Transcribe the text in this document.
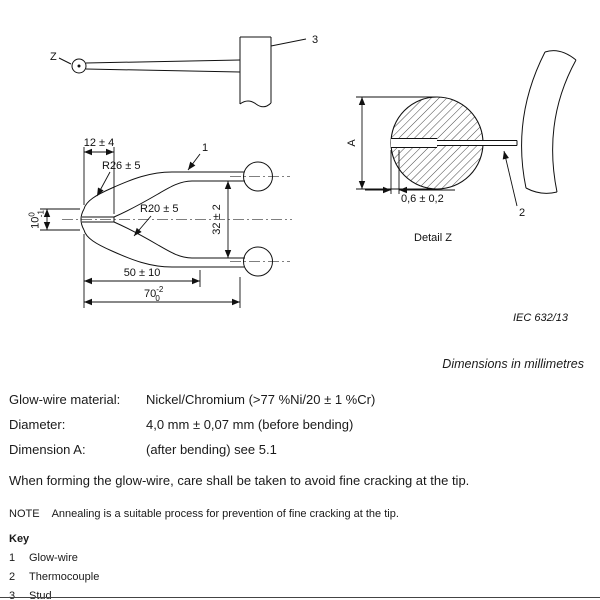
Z
3
12 ± 4
R26 ± 5
R20 ± 5
1
32 ± 2
$10^0-1$
50 ± 10
$70^{-2}$ 0
A
0,6 ± 0,2
2
Detail Z
IEC 632/13
Dimensions in millimetres
Glow-wire material:	Nickel/Chromium (>77 %Ni/20 ± 1 %Cr)
Diameter:	4,0 mm ± 0,07 mm (before bending)
Dimension A:	(after bending) see 5.1
When forming the glow-wire, care shall be taken to avoid fine cracking at the tip.
NOTE Annealing is a suitable process for prevention of fine cracking at the tip.
Key
1	Glow-wire
2	Thermocouple
3	Stud
